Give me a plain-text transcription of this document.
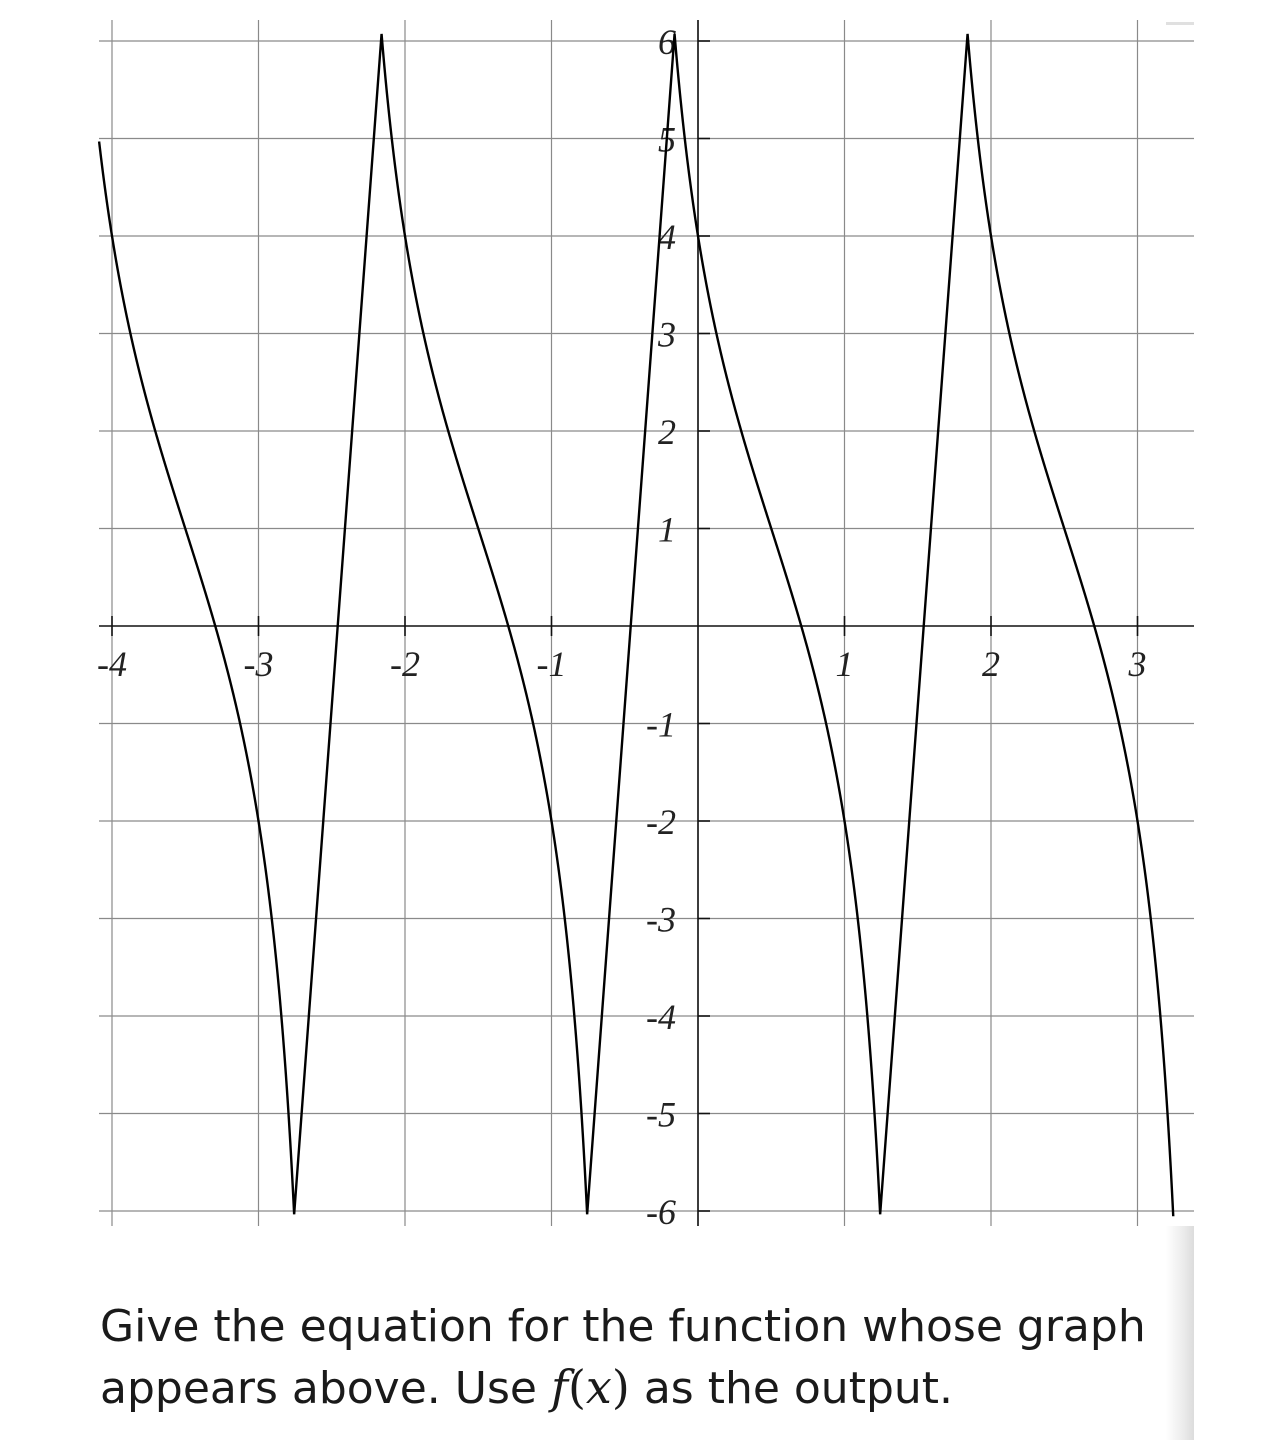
-4	-3	-2	-1	1	2	3
6
5
4
3
2
1
-1
-2
-3
-4
-5
-6
Give the equation for the function whose graph
appears above. Use f(x) as the output.
